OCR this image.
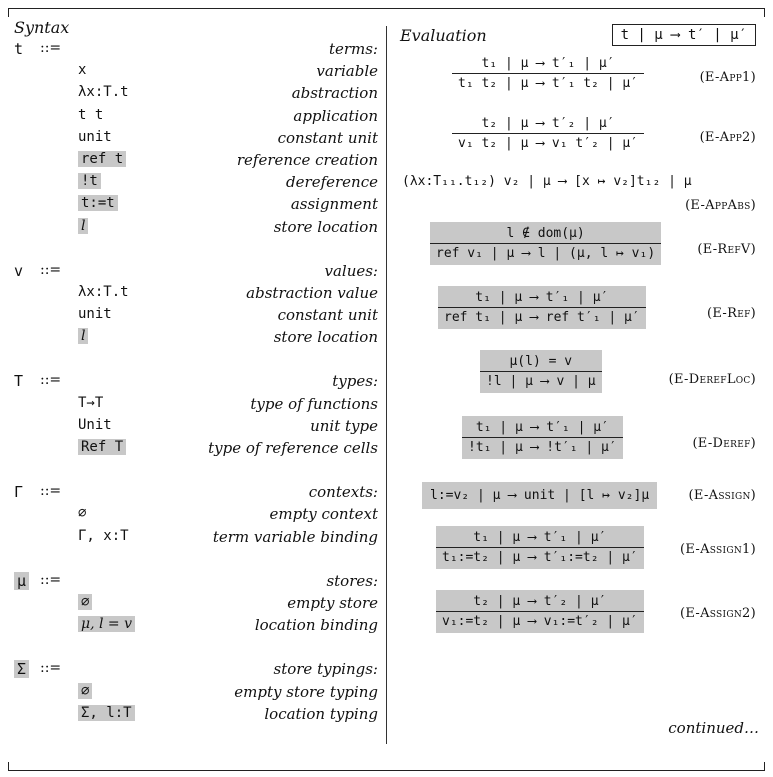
Syntax
t ::=	terms:
x	variable
λx:T.t	abstraction
t t	application
unit	constant unit
ref t	reference creation
!t	dereference
t:=t	assignment
l	store location
v ::=	values:
λx:T.t	abstraction value
unit	constant unit
l	store location
T ::=	types:
T→T	type of functions
Unit	unit type
Ref T	type of reference cells
Γ ::=	contexts:
∅	empty context
Γ, x:T	term variable binding
μ ::=	stores:
∅	empty store
μ, l = v	location binding
Σ ::=	store typings:
∅	empty store typing
Σ, l:T	location typing
Evaluation	t | μ ⟶ t′ | μ′
$\frac{\text{t₁ | μ ⟶ t′₁ | μ′}}{\text{t₁ t₂ | μ ⟶ t′₁ t₂ | μ′}}$	(E-App1)
$\frac{\text{t₂ | μ ⟶ t′₂ | μ′}}{\text{v₁ t₂ | μ ⟶ v₁ t′₂ | μ′}}$	(E-App2)
(λx:T₁₁.t₁₂) v₂ | μ ⟶ [x ↦ v₂]t₁₂ | μ
(E-AppAbs)
l ∉ dom(μ)
ref v₁ | μ ⟶ l | (μ, l ↦ v₁)	(E-RefV)
t₁ | μ ⟶ t′₁ | μ′
ref t₁ | μ ⟶ ref t′₁ | μ′	(E-Ref)
$\frac{\mu(l) = v}{!l | \mu ⟶ v | \mu}$	(E-DerefLoc)
$\frac{\text{t₁ | μ ⟶ t′₁ | μ′}}{\text{!t₁ | μ ⟶ !t′₁ | μ′}}$	(E-Deref)
l:=v₂ | μ ⟶ unit | [l ↦ v₂]μ	(E-Assign)
$\frac{\text{t₁ | μ ⟶ t′₁ | μ′}}{\text{t₁:=t₂ | μ ⟶ t′₁:=t₂ | μ′}}$	(E-Assign1)
$\frac{\text{t₂ | μ ⟶ t′₂ | μ′}}{\text{v₁:=t₂ | μ ⟶ v₁:=t′₂ | μ′}}$	(E-Assign2)
continued…
